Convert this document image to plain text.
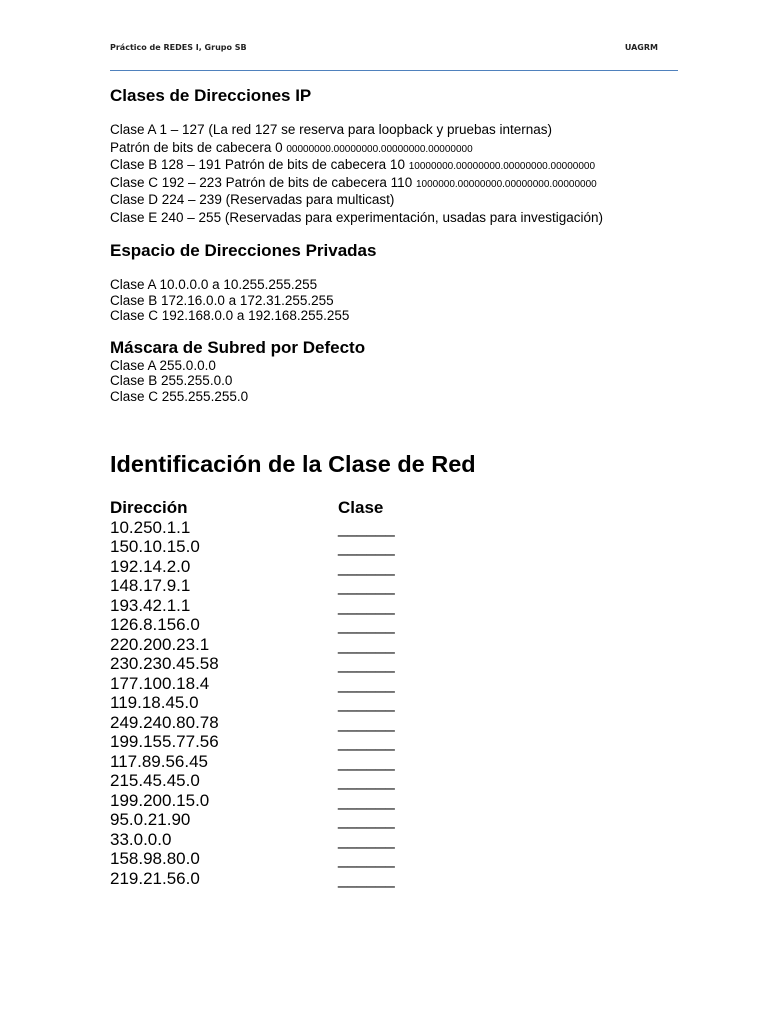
Práctico de REDES I, Grupo SB	UAGRM
Clases de Direcciones IP
Clase A 1 – 127 (La red 127 se reserva para loopback y pruebas internas)
Patrón de bits de cabecera 0 00000000.00000000.00000000.00000000
Clase B 128 – 191 Patrón de bits de cabecera 10 10000000.00000000.00000000.00000000
Clase C 192 – 223 Patrón de bits de cabecera 110 1000000.00000000.00000000.00000000
Clase D 224 – 239 (Reservadas para multicast)
Clase E 240 – 255 (Reservadas para experimentación, usadas para investigación)
Espacio de Direcciones Privadas
Clase A 10.0.0.0 a 10.255.255.255
Clase B 172.16.0.0 a 172.31.255.255
Clase C 192.168.0.0 a 192.168.255.255
Máscara de Subred por Defecto
Clase A 255.0.0.0
Clase B 255.255.0.0
Clase C 255.255.255.0
Identificación de la Clase de Red
Dirección	Clase
10.250.1.1	______
150.10.15.0	______
192.14.2.0	______
148.17.9.1	______
193.42.1.1	______
126.8.156.0	______
220.200.23.1	______
230.230.45.58	______
177.100.18.4	______
119.18.45.0	______
249.240.80.78	______
199.155.77.56	______
117.89.56.45	______
215.45.45.0	______
199.200.15.0	______
95.0.21.90	______
33.0.0.0	______
158.98.80.0	______
219.21.56.0	______
